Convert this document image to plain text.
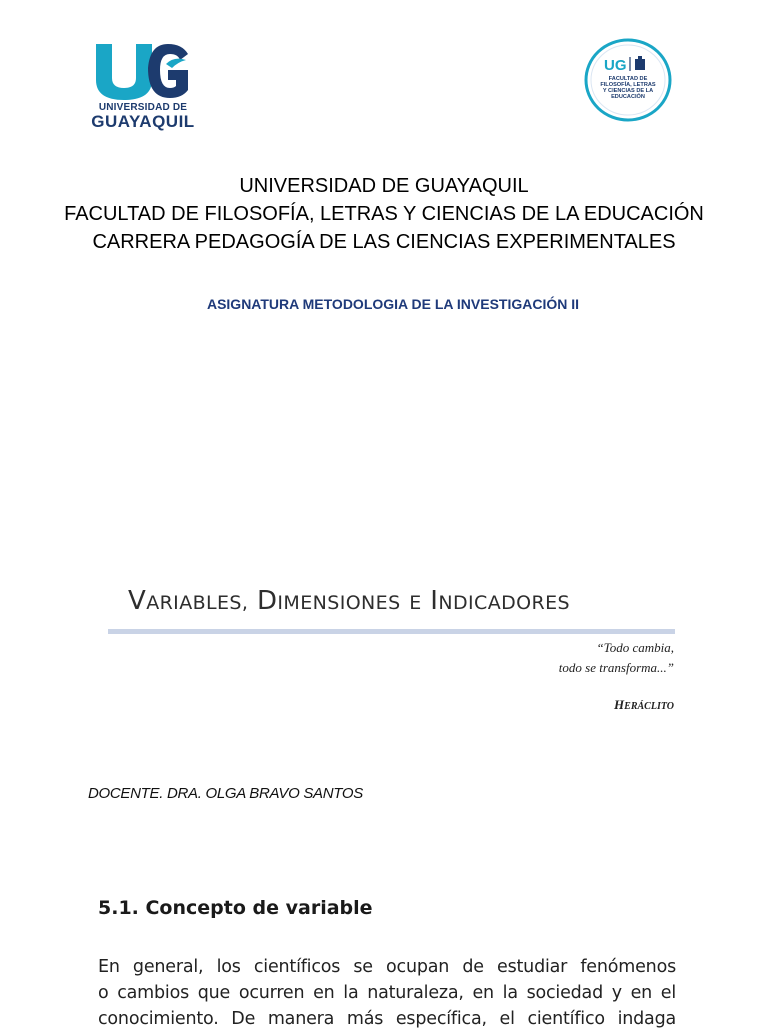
UNIVERSIDAD DE
GUAYAQUIL
UG
FACULTAD DE
FILOSOFÍA, LETRAS
Y CIENCIAS DE LA
EDUCACIÓN
UNIVERSIDAD DE GUAYAQUIL
FACULTAD DE FILOSOFÍA, LETRAS Y CIENCIAS DE LA EDUCACIÓN
CARRERA PEDAGOGÍA DE LAS CIENCIAS EXPERIMENTALES
ASIGNATURA METODOLOGIA DE LA INVESTIGACIÓN II
VARIABLES, DIMENSIONES E INDICADORES
“Todo cambia,
todo se transforma...”
HERÁCLITO
DOCENTE. DRA. OLGA BRAVO SANTOS
5.1. Concepto de variable
En general, los científicos se ocupan de estudiar fenómenos
o cambios que ocurren en la naturaleza, en la sociedad y en el
conocimiento. De manera más específica, el científico indaga
